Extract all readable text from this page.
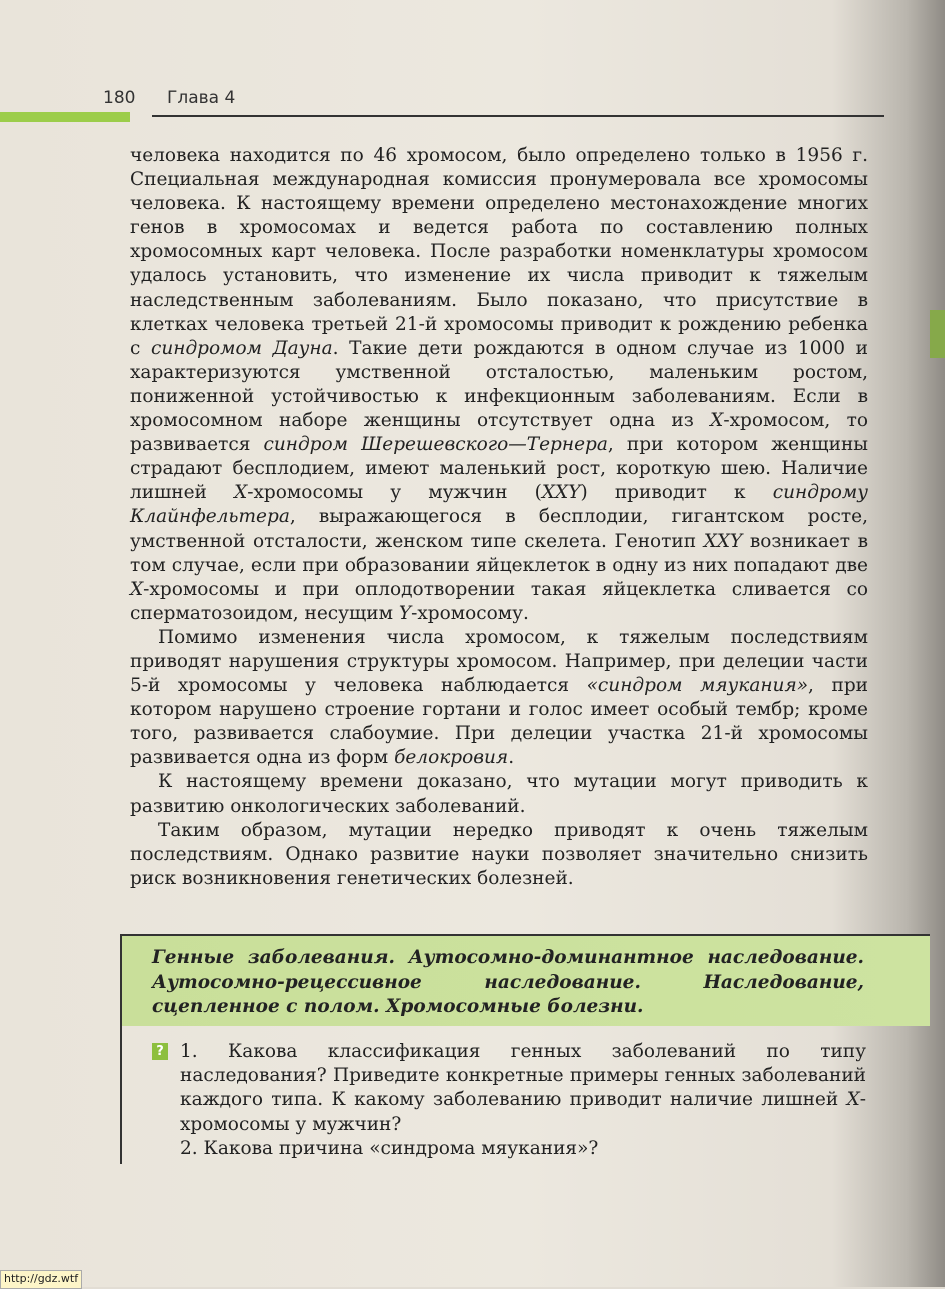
180 Глава 4

человека находится по 46 хромосом, было определено только в 1956 г. Специальная международная комиссия пронумеровала все хромосомы человека. К настоящему времени определено местонахождение многих генов в хромосомах и ведется работа по составлению полных хромосомных карт человека. После разработки номенклатуры хромосом удалось установить, что изменение их числа приводит к тяжелым наследственным заболеваниям. Было показано, что присутствие в клетках человека третьей 21-й хромосомы приводит к рождению ребенка с синдромом Дауна. Такие дети рождаются в одном случае из 1000 и характеризуются умственной отсталостью, маленьким ростом, пониженной устойчивостью к инфекционным заболеваниям. Если в хромосомном наборе женщины отсутствует одна из X-хромосом, то развивается синдром Шерешевского—Тернера, при котором женщины страдают бесплодием, имеют маленький рост, короткую шею. Наличие лишней X-хромосомы у мужчин (XXY) приводит к синдрому Клайнфельтера, выражающегося в бесплодии, гигантском росте, умственной отсталости, женском типе скелета. Генотип XXY возникает в том случае, если при образовании яйцеклеток в одну из них попадают две X-хромосомы и при оплодотворении такая яйцеклетка сливается со сперматозоидом, несущим Y-хромосому.

Помимо изменения числа хромосом, к тяжелым последствиям приводят нарушения структуры хромосом. Например, при делеции части 5-й хромосомы у человека наблюдается «синдром мяукания», при котором нарушено строение гортани и голос имеет особый тембр; кроме того, развивается слабоумие. При делеции участка 21-й хромосомы развивается одна из форм белокровия.

К настоящему времени доказано, что мутации могут приводить к развитию онкологических заболеваний.

Таким образом, мутации нередко приводят к очень тяжелым последствиям. Однако развитие науки позволяет значительно снизить риск возникновения генетических болезней.

Генные заболевания. Аутосомно-доминантное наследование. Аутосомно-рецессивное наследование. Наследование, сцепленное с полом. Хромосомные болезни.
? 1. Какова классификация генных заболеваний по типу наследования? Приведите конкретные примеры генных заболеваний каждого типа. К какому заболеванию приводит наличие лишней X-хромосомы у мужчин?

2. Какова причина «синдрома мяукания»?

http://gdz.wtf
